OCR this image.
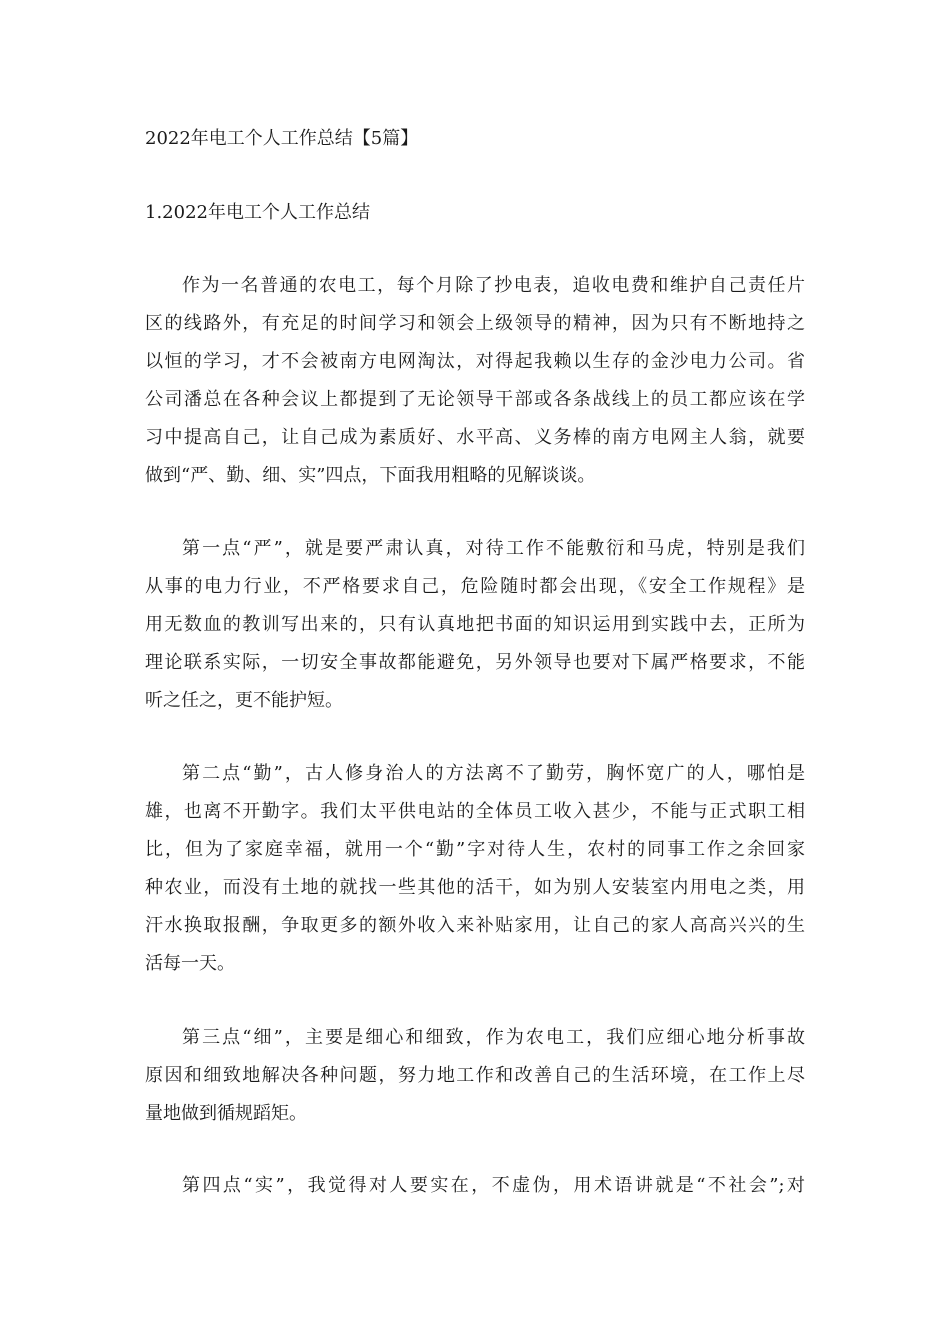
2022年电工个人工作总结【5篇】
1.2022年电工个人工作总结
作为一名普通的农电工，每个月除了抄电表，追收电费和维护自己责任片
区的线路外，有充足的时间学习和领会上级领导的精神，因为只有不断地持之
以恒的学习，才不会被南方电网淘汰，对得起我赖以生存的金沙电力公司。省
公司潘总在各种会议上都提到了无论领导干部或各条战线上的员工都应该在学
习中提高自己，让自己成为素质好、水平高、义务棒的南方电网主人翁，就要
做到“严、勤、细、实”四点，下面我用粗略的见解谈谈。
第一点“严”，就是要严肃认真，对待工作不能敷衍和马虎，特别是我们
从事的电力行业，不严格要求自己，危险随时都会出现，《安全工作规程》是
用无数血的教训写出来的，只有认真地把书面的知识运用到实践中去，正所为
理论联系实际，一切安全事故都能避免，另外领导也要对下属严格要求，不能
听之任之，更不能护短。
第二点“勤”，古人修身治人的方法离不了勤劳，胸怀宽广的人，哪怕是
雄，也离不开勤字。我们太平供电站的全体员工收入甚少，不能与正式职工相
比，但为了家庭幸福，就用一个“勤”字对待人生，农村的同事工作之余回家
种农业，而没有土地的就找一些其他的活干，如为别人安装室内用电之类，用
汗水换取报酬，争取更多的额外收入来补贴家用，让自己的家人高高兴兴的生
活每一天。
第三点“细”，主要是细心和细致，作为农电工，我们应细心地分析事故
原因和细致地解决各种问题，努力地工作和改善自己的生活环境，在工作上尽
量地做到循规蹈矩。
第四点“实”，我觉得对人要实在，不虚伪，用术语讲就是“不社会”;对
